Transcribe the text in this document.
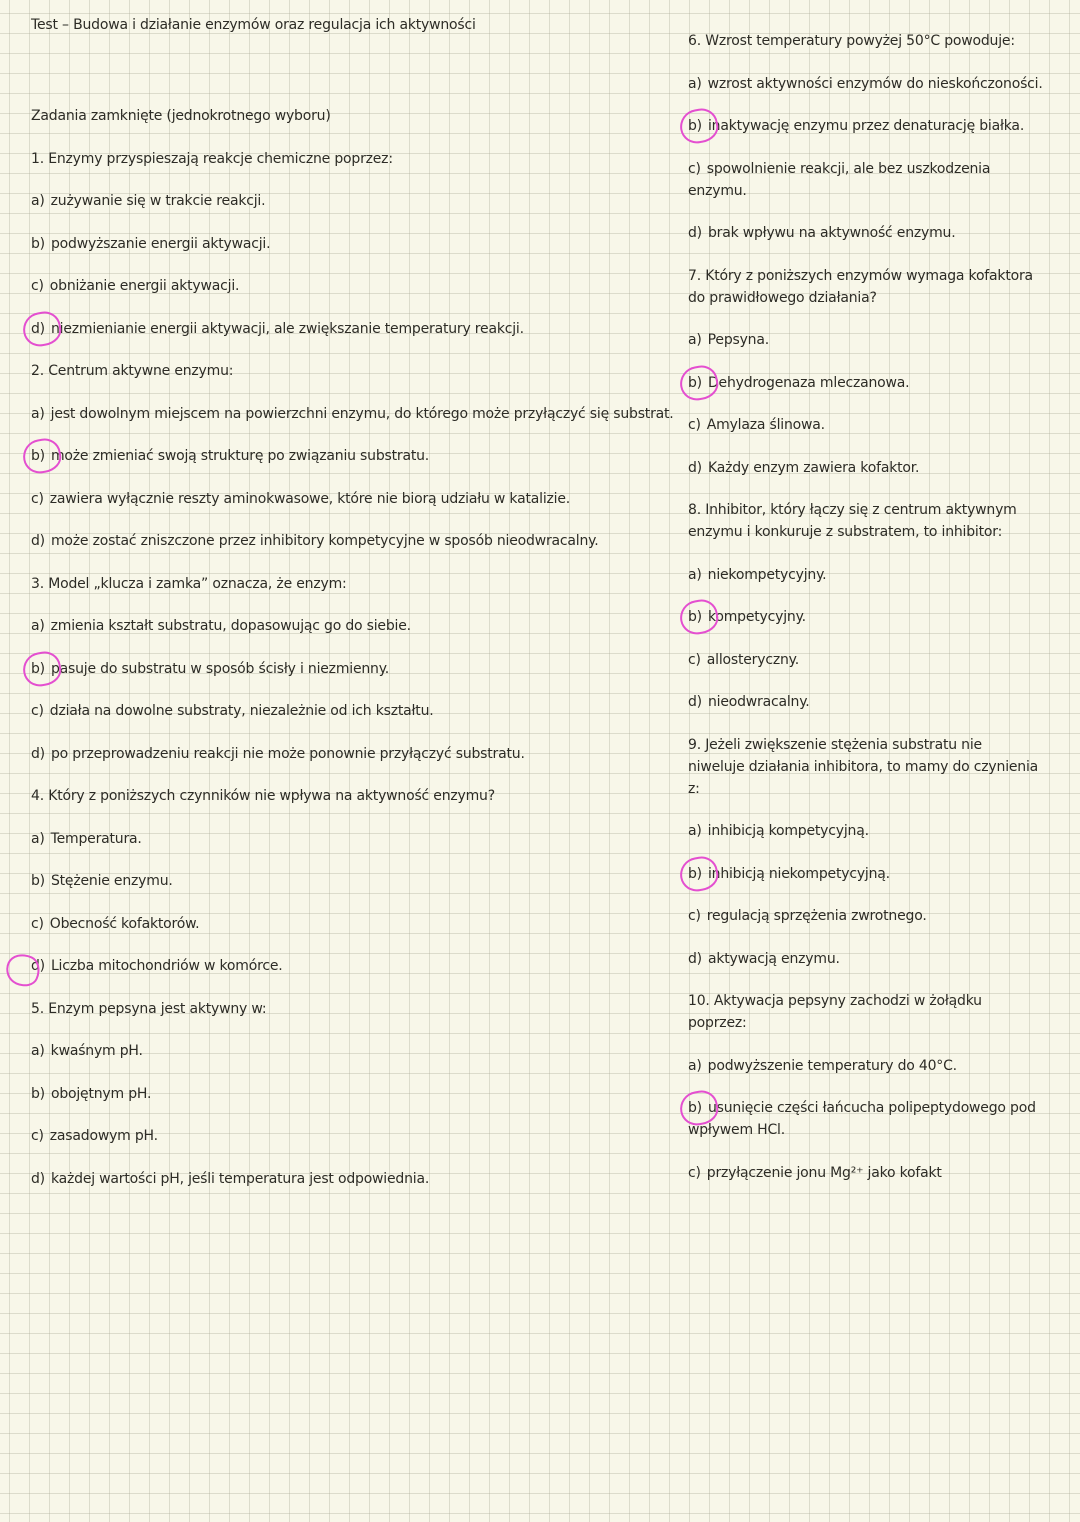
Test – Budowa i działanie enzymów oraz regulacja ich aktywności
Zadania zamknięte (jednokrotnego wyboru)
1. Enzymy przyspieszają reakcje chemiczne poprzez:
a) zużywanie się w trakcie reakcji.
b) podwyższanie energii aktywacji.
c) obniżanie energii aktywacji.
d) niezmienianie energii aktywacji, ale zwiększanie temperatury reakcji.
2. Centrum aktywne enzymu:
a) jest dowolnym miejscem na powierzchni enzymu, do którego może przyłączyć się substrat.
b) może zmieniać swoją strukturę po związaniu substratu.
c) zawiera wyłącznie reszty aminokwasowe, które nie biorą udziału w katalizie.
d) może zostać zniszczone przez inhibitory kompetycyjne w sposób nieodwracalny.
3. Model „klucza i zamka” oznacza, że enzym:
a) zmienia kształt substratu, dopasowując go do siebie.
b) pasuje do substratu w sposób ścisły i niezmienny.
c) działa na dowolne substraty, niezależnie od ich kształtu.
d) po przeprowadzeniu reakcji nie może ponownie przyłączyć substratu.
4. Który z poniższych czynników nie wpływa na aktywność enzymu?
a) Temperatura.
b) Stężenie enzymu.
c) Obecność kofaktorów.
d) Liczba mitochondriów w komórce.
5. Enzym pepsyna jest aktywny w:
a) kwaśnym pH.
b) obojętnym pH.
c) zasadowym pH.
d) każdej wartości pH, jeśli temperatura jest odpowiednia.
6. Wzrost temperatury powyżej 50°C powoduje:
a) wzrost aktywności enzymów do nieskończoności.
b) inaktywację enzymu przez denaturację białka.
c) spowolnienie reakcji, ale bez uszkodzenia
enzymu.
d) brak wpływu na aktywność enzymu.
7. Który z poniższych enzymów wymaga kofaktora
do prawidłowego działania?
a) Pepsyna.
b) Dehydrogenaza mleczanowa.
c) Amylaza ślinowa.
d) Każdy enzym zawiera kofaktor.
8. Inhibitor, który łączy się z centrum aktywnym
enzymu i konkuruje z substratem, to inhibitor:
a) niekompetycyjny.
b) kompetycyjny.
c) allosteryczny.
d) nieodwracalny.
9. Jeżeli zwiększenie stężenia substratu nie
niweluje działania inhibitora, to mamy do czynienia
z:
a) inhibicją kompetycyjną.
b) inhibicją niekompetycyjną.
c) regulacją sprzężenia zwrotnego.
d) aktywacją enzymu.
10. Aktywacja pepsyny zachodzi w żołądku
poprzez:
a) podwyższenie temperatury do 40°C.
b) usunięcie części łańcucha polipeptydowego pod
wpływem HCl.
c) przyłączenie jonu Mg²⁺ jako kofakt
